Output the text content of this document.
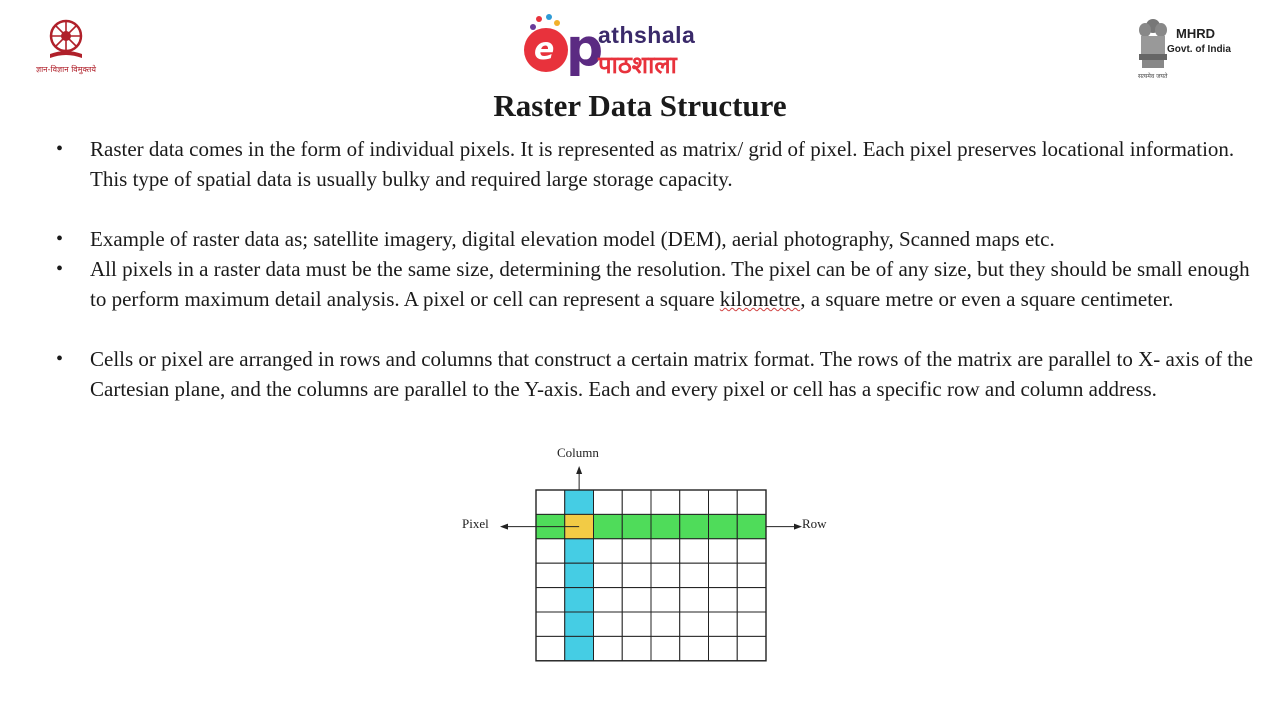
ज्ञान-विज्ञान विमुक्तये
e p
athshala
पाठशाला
MHRD
Govt. of India
सत्यमेव जयते
Raster Data Structure
• Raster data comes in the form of individual pixels. It is represented as matrix/ grid of pixel. Each pixel preserves locational information. This type of spatial data is usually bulky and required large storage capacity.
• Example of raster data as; satellite imagery, digital elevation model (DEM), aerial photography, Scanned maps etc.
• All pixels in a raster data must be the same size, determining the resolution. The pixel can be of any size, but they should be small enough to perform maximum detail analysis. A pixel or cell can represent a square kilometre, a square metre or even a square centimeter.
• Cells or pixel are arranged in rows and columns that construct a certain matrix format. The rows of the matrix are parallel to X- axis of the Cartesian plane, and the columns are parallel to the Y-axis. Each and every pixel or cell has a specific row and column address.
Column
Pixel	Row
